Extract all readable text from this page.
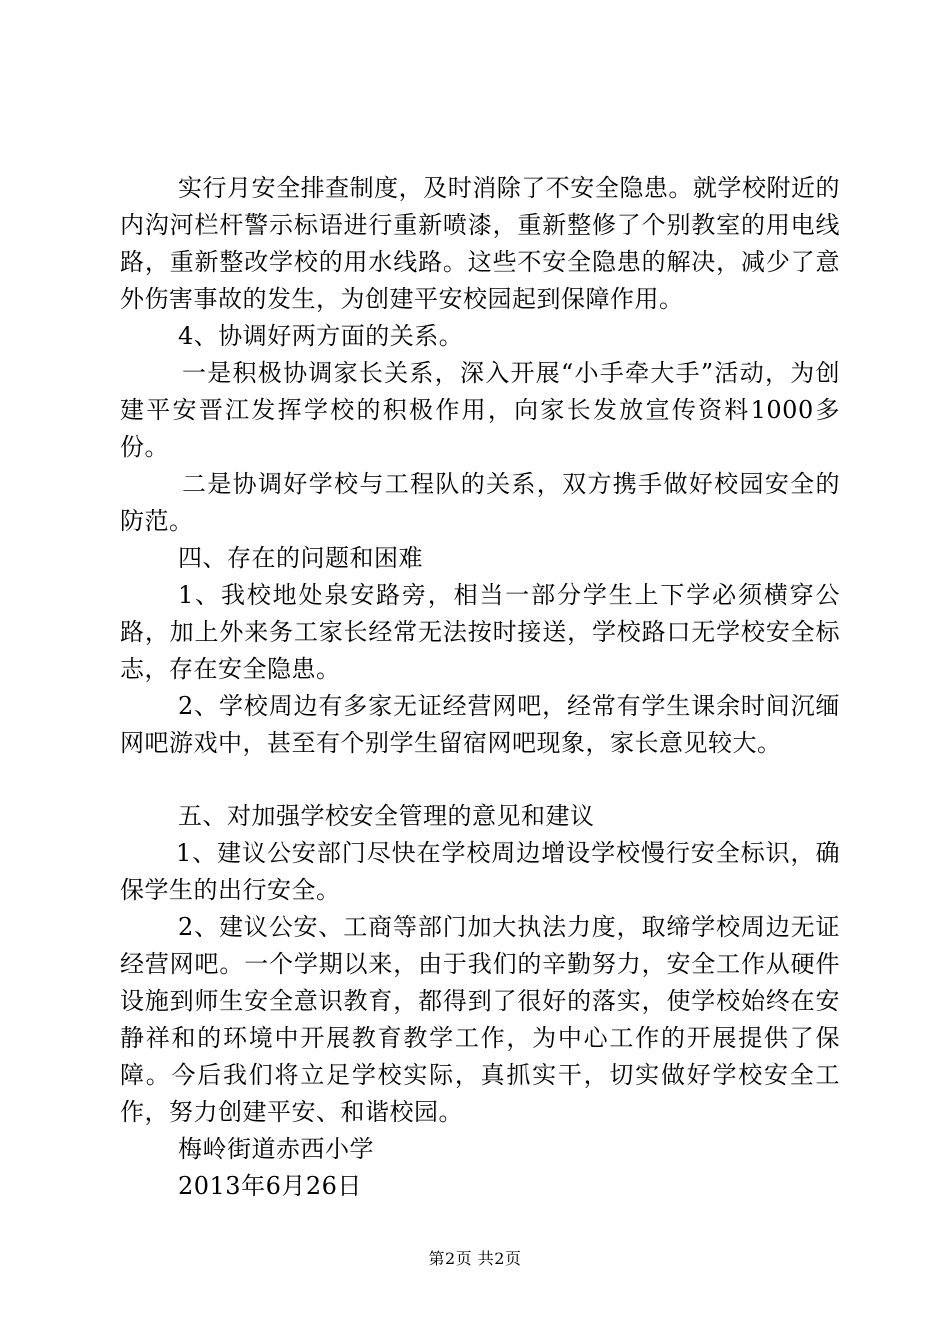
实行月安全排查制度，及时消除了不安全隐患。就学校附近的内沟河栏杆警示标语进行重新喷漆，重新整修了个别教室的用电线路，重新整改学校的用水线路。这些不安全隐患的解决，减少了意外伤害事故的发生，为创建平安校园起到保障作用。

4、协调好两方面的关系。

一是积极协调家长关系，深入开展“小手牵大手”活动，为创建平安晋江发挥学校的积极作用，向家长发放宣传资料1000多份。

二是协调好学校与工程队的关系，双方携手做好校园安全的防范。

四、存在的问题和困难

1、我校地处泉安路旁，相当一部分学生上下学必须横穿公路，加上外来务工家长经常无法按时接送，学校路口无学校安全标志，存在安全隐患。

2、学校周边有多家无证经营网吧，经常有学生课余时间沉缅网吧游戏中，甚至有个别学生留宿网吧现象，家长意见较大。

五、对加强学校安全管理的意见和建议

1、建议公安部门尽快在学校周边增设学校慢行安全标识，确保学生的出行安全。

2、建议公安、工商等部门加大执法力度，取缔学校周边无证经营网吧。一个学期以来，由于我们的辛勤努力，安全工作从硬件设施到师生安全意识教育，都得到了很好的落实，使学校始终在安静祥和的环境中开展教育教学工作，为中心工作的开展提供了保障。今后我们将立足学校实际，真抓实干，切实做好学校安全工作，努力创建平安、和谐校园。

梅岭街道赤西小学

2013年6月26日

第2页 共2页
